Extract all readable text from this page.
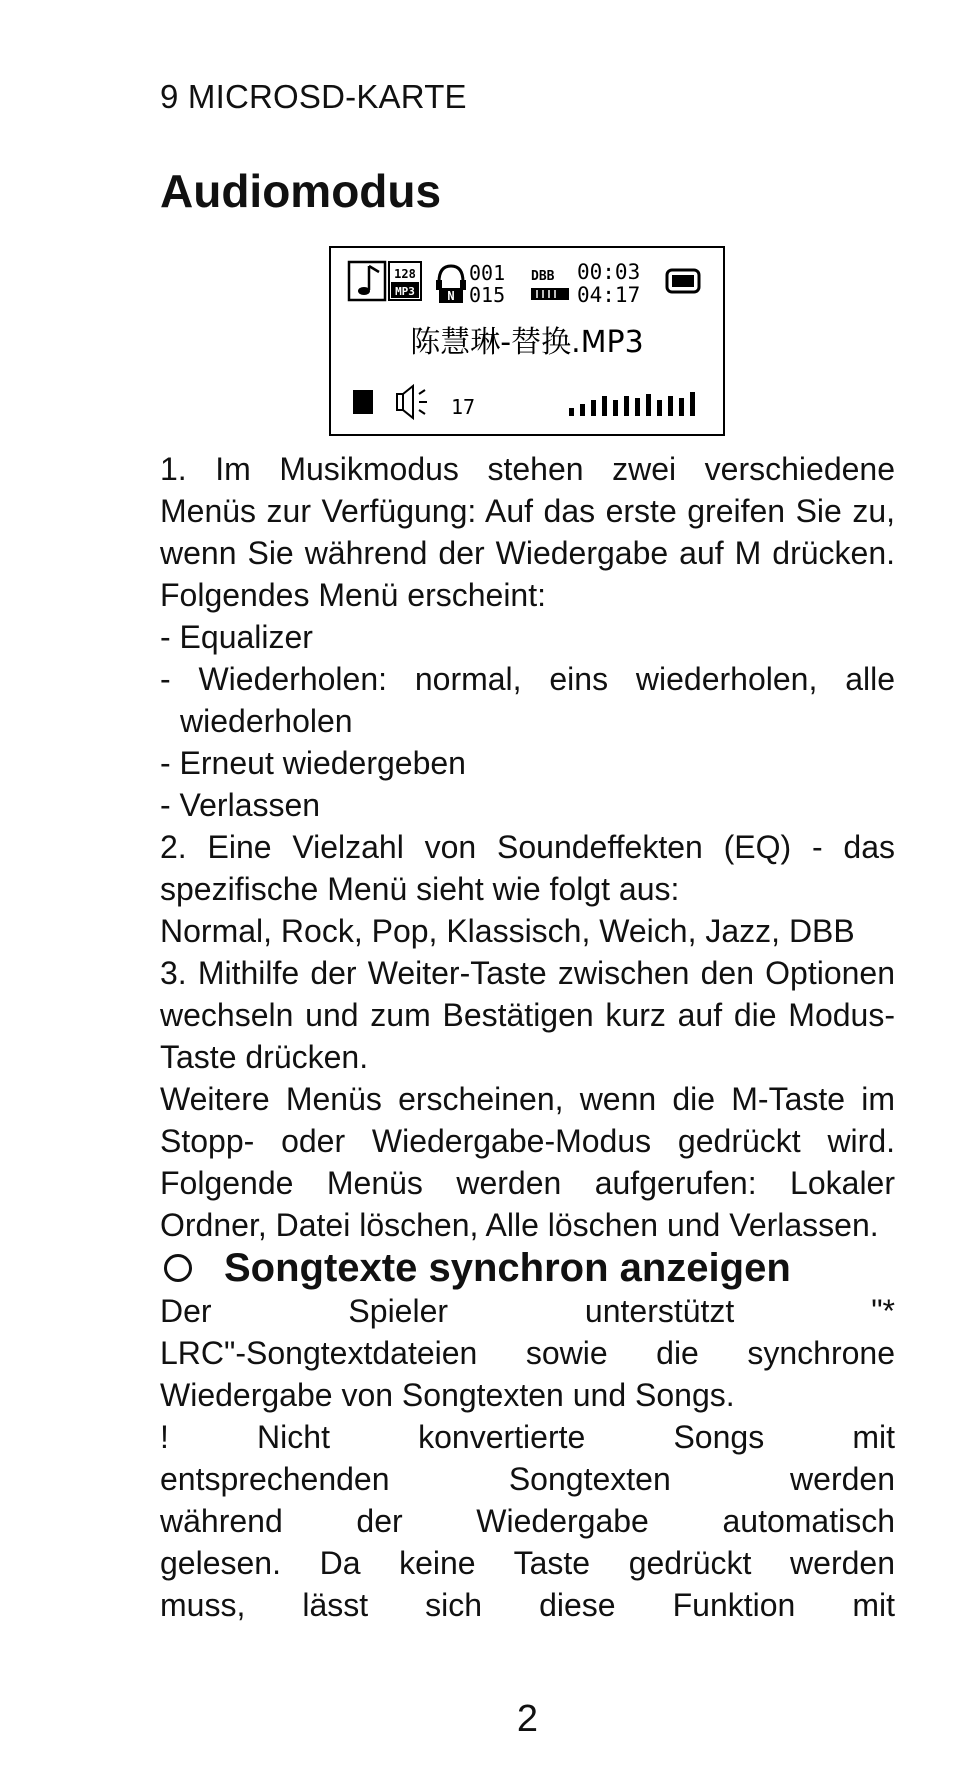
9 MICROSD-KARTE
Audiomodus
128
MP3	N
001
015
DBB 00:03
04:17
陈慧琳-替换.MP3
17

1. Im Musikmodus stehen zwei verschiedene Menüs zur Verfügung: Auf das erste greifen Sie zu, wenn Sie während der Wiedergabe auf M drücken. Folgendes Menü erscheint:

- Equalizer

- Wiederholen: normal, eins wiederholen, alle

wiederholen

- Erneut wiedergeben

- Verlassen

2. Eine Vielzahl von Soundeffekten (EQ) - das spezifische Menü sieht wie folgt aus:

Normal, Rock, Pop, Klassisch, Weich, Jazz, DBB

3. Mithilfe der Weiter-Taste zwischen den Optionen wechseln und zum Bestätigen kurz auf die Modus-Taste drücken.

Weitere Menüs erscheinen, wenn die M-Taste im Stopp- oder Wiedergabe-Modus gedrückt wird. Folgende Menüs werden aufgerufen: Lokaler Ordner, Datei löschen, Alle löschen und Verlassen.

Songtexte synchron anzeigen

Der Spieler unterstützt "*

LRC"-Songtextdateien sowie die synchrone Wiedergabe von Songtexten und Songs.

! Nicht konvertierte Songs mit

entsprechenden Songtexten werden

während der Wiedergabe automatisch

gelesen. Da keine Taste gedrückt werden

muss, lässt sich diese Funktion mit

2
